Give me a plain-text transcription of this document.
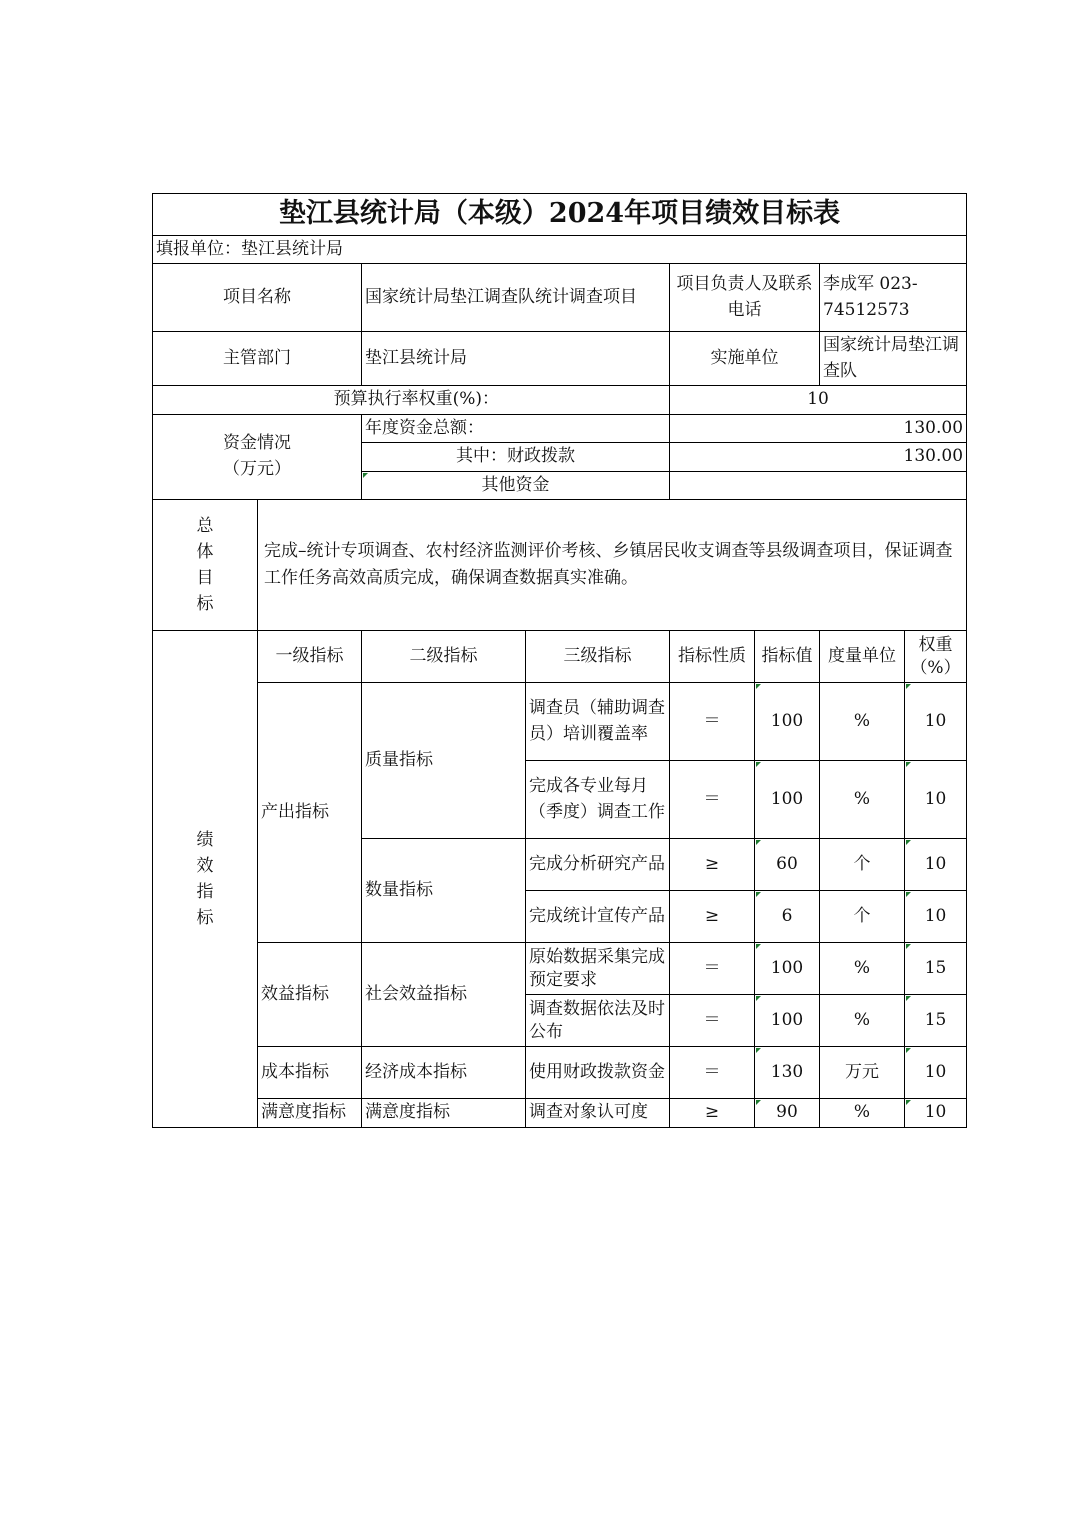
垫江县统计局（本级）2024年项目绩效目标表							
填报单位：垫江县统计局							
项目名称		国家统计局垫江调查队统计调查项目		项目负责人及联系电话		李成军 023-74512573	
主管部门		垫江县统计局		实施单位		国家统计局垫江调查队	
预算执行率权重(%)：				10			
资金情况
（万元）		年度资金总额：		130.00			
		其中：财政拨款		130.00			
		其他资金					

总
体
目
标	完成–统计专项调查、农村经济监测评价考核、乡镇居民收支调查等县级调查项目，保证调查工作任务高效高质完成，确保调查数据真实准确。						

绩
效
指
标	一级指标	二级指标	三级指标	指标性质	指标值	度量单位	权重（%）
	产出指标	质量指标	调查员（辅助调查员）培训覆盖率	＝	100	%	10
			完成各专业每月（季度）调查工作	＝	100	%	10
		数量指标	完成分析研究产品	≥	60	个	10
			完成统计宣传产品	≥	6	个	10
	效益指标	社会效益指标	原始数据采集完成预定要求	＝	100	%	15
			调查数据依法及时公布	＝	100	%	15
	成本指标	经济成本指标	使用财政拨款资金	＝	130	万元	10
	满意度指标	满意度指标	调查对象认可度	≥	90	%	10
